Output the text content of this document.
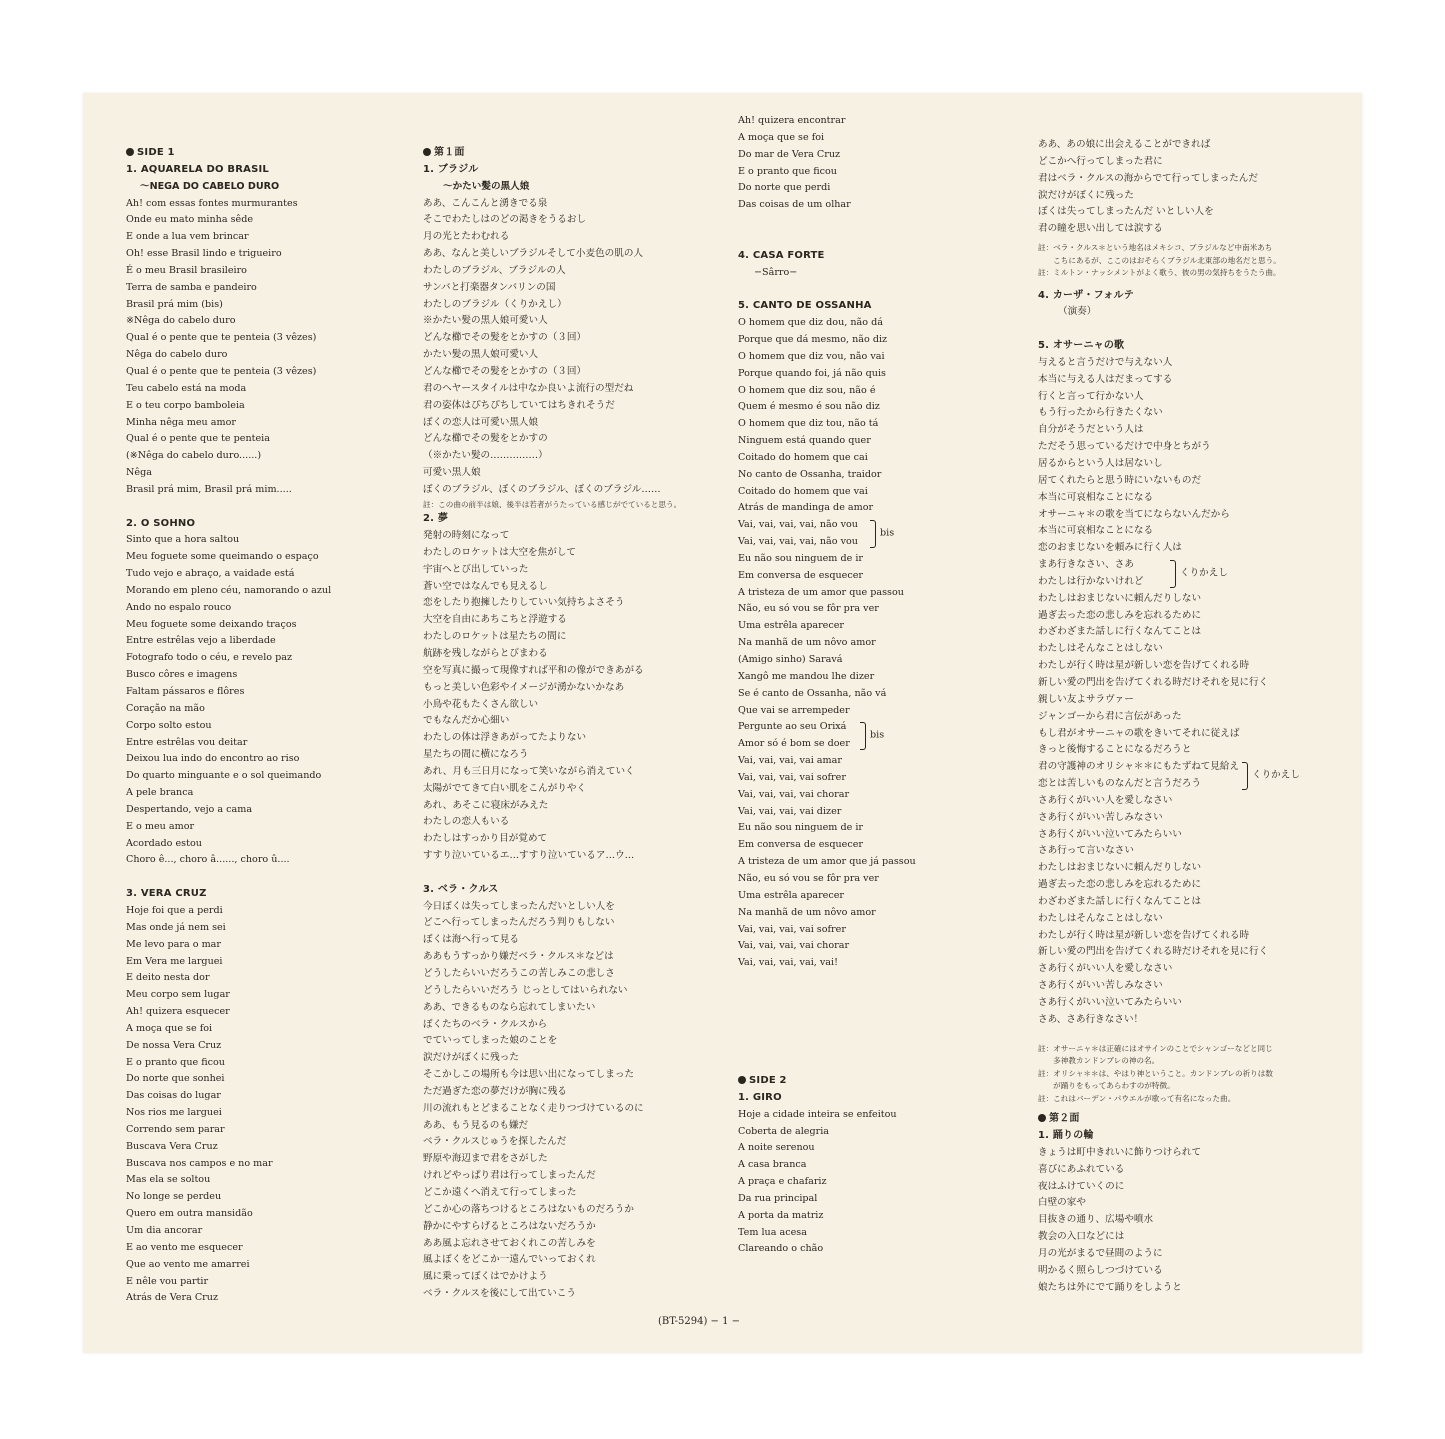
SIDE 1
1. AQUARELA DO BRASIL
〜NEGA DO CABELO DURO
Ah! com essas fontes murmurantes
Onde eu mato minha sêde
E onde a lua vem brincar
Oh! esse Brasil lindo e trigueiro
É o meu Brasil brasileiro
Terra de samba e pandeiro
Brasil prá mim (bis)
※Nêga do cabelo duro
Qual é o pente que te penteia (3 vêzes)
Nêga do cabelo duro
Qual é o pente que te penteia (3 vêzes)
Teu cabelo está na moda
E o teu corpo bamboleia
Minha nêga meu amor
Qual é o pente que te penteia
(※Nêga do cabelo duro......)
Nêga
Brasil prá mim, Brasil prá mim.....
2. O SOHNO
Sinto que a hora saltou
Meu foguete some queimando o espaço
Tudo vejo e abraço, a vaidade está
Morando em pleno céu, namorando o azul
Ando no espalo rouco
Meu foguete some deixando traços
Entre estrêlas vejo a liberdade
Fotografo todo o céu, e revelo paz
Busco côres e imagens
Faltam pássaros e flôres
Coração na mão
Corpo solto estou
Entre estrêlas vou deitar
Deixou lua indo do encontro ao riso
Do quarto minguante e o sol queimando
A pele branca
Despertando, vejo a cama
E o meu amor
Acordado estou
Choro ê..., choro â......, choro û....
3. VERA CRUZ
Hoje foi que a perdi
Mas onde já nem sei
Me levo para o mar
Em Vera me larguei
E deito nesta dor
Meu corpo sem lugar
Ah! quizera esquecer
A moça que se foi
De nossa Vera Cruz
E o pranto que ficou
Do norte que sonhei
Das coisas do lugar
Nos rios me larguei
Correndo sem parar
Buscava Vera Cruz
Buscava nos campos e no mar
Mas ela se soltou
No longe se perdeu
Quero em outra mansidão
Um dia ancorar
E ao vento me esquecer
Que ao vento me amarrei
E nêle vou partir
Atrás de Vera Cruz
第１面
1. ブラジル
〜かたい髪の黒人娘
ああ、こんこんと湧きでる泉
そこでわたしはのどの渇きをうるおし
月の光とたわむれる
ああ、なんと美しいブラジルそして小麦色の肌の人
わたしのブラジル、ブラジルの人
サンバと打楽器タンバリンの国
わたしのブラジル（くりかえし）
※かたい髪の黒人娘可愛い人
どんな櫛でその髪をとかすの（３回）
かたい髪の黒人娘可愛い人
どんな櫛でその髪をとかすの（３回）
君のヘヤースタイルは中なか良いよ流行の型だね
君の姿体はぴちぴちしていてはちきれそうだ
ぼくの恋人は可愛い黒人娘
どんな櫛でその髪をとかすの
（※かたい髪の……………）
可愛い黒人娘
ぼくのブラジル、ぼくのブラジル、ぼくのブラジル……
註：この曲の前半は娘、後半は若者がうたっている感じがでていると思う。
2. 夢
発射の時刻になって
わたしのロケットは大空を焦がして
宇宙へとび出していった
蒼い空ではなんでも見えるし
恋をしたり抱擁したりしていい気持ちよさそう
大空を自由にあちこちと浮遊する
わたしのロケットは星たちの間に
航跡を残しながらとびまわる
空を写真に撮って現像すれば平和の像ができあがる
もっと美しい色彩やイメージが湧かないかなあ
小鳥や花もたくさん欲しい
でもなんだか心細い
わたしの体は浮きあがってたよりない
星たちの間に横になろう
あれ、月も三日月になって笑いながら消えていく
太陽がでてきて白い肌をこんがりやく
あれ、あそこに寝床がみえた
わたしの恋人もいる
わたしはすっかり目が覚めて
すすり泣いているエ…すすり泣いているア…ウ…
3. ベラ・クルス
今日ぼくは失ってしまったんだいとしい人を
どこへ行ってしまったんだろう判りもしない
ぼくは海へ行って見る
ああもうすっかり嫌だベラ・クルス＊などは
どうしたらいいだろうこの苦しみこの悲しさ
どうしたらいいだろう じっとしてはいられない
ああ、できるものなら忘れてしまいたい
ぼくたちのベラ・クルスから
でていってしまった娘のことを
涙だけがぼくに残った
そこかしこの場所も今は思い出になってしまった
ただ過ぎた恋の夢だけが胸に残る
川の流れもとどまることなく走りつづけているのに
ああ、もう見るのも嫌だ
ベラ・クルスじゅうを探したんだ
野原や海辺まで君をさがした
けれどやっぱり君は行ってしまったんだ
どこか遠くへ消えて行ってしまった
どこか心の落ちつけるところはないものだろうか
静かにやすらげるところはないだろうか
ああ風よ忘れさせておくれこの苦しみを
風よぼくをどこか一遠んでいっておくれ
風に乗ってぼくはでかけよう
ベラ・クルスを後にして出ていこう
Ah! quizera encontrar
A moça que se foi
Do mar de Vera Cruz
E o pranto que ficou
Do norte que perdi
Das coisas de um olhar
4. CASA FORTE
−Sârro−
5. CANTO DE OSSANHA
O homem que diz dou, não dá
Porque que dá mesmo, não diz
O homem que diz vou, não vai
Porque quando foi, já não quis
O homem que diz sou, não é
Quem é mesmo é sou não diz
O homem que diz tou, não tá
Ninguem está quando quer
Coitado do homem que cai
No canto de Ossanha, traidor
Coitado do homem que vai
Atrás de mandinga de amor
Vai, vai, vai, vai, não vou
Vai, vai, vai, vai, não vou
bis
Eu não sou ninguem de ir
Em conversa de esquecer
A tristeza de um amor que passou
Não, eu só vou se fôr pra ver
Uma estrêla aparecer
Na manhã de um nôvo amor
(Amigo sinho) Saravá
Xangô me mandou lhe dizer
Se é canto de Ossanha, não vá
Que vai se arrempeder
Pergunte ao seu Orixá
Amor só é bom se doer
bis
Vai, vai, vai, vai amar
Vai, vai, vai, vai sofrer
Vai, vai, vai, vai chorar
Vai, vai, vai, vai dizer
Eu não sou ninguem de ir
Em conversa de esquecer
A tristeza de um amor que já passou
Não, eu só vou se fôr pra ver
Uma estrêla aparecer
Na manhã de um nôvo amor
Vai, vai, vai, vai sofrer
Vai, vai, vai, vai chorar
Vai, vai, vai, vai, vai!
SIDE 2
1. GIRO
Hoje a cidade inteira se enfeitou
Coberta de alegria
A noite serenou
A casa branca
A praça e chafariz
Da rua principal
A porta da matriz
Tem lua acesa
Clareando o chão
ああ、あの娘に出会えることができれば
どこかへ行ってしまった君に
君はベラ・クルスの海からでて行ってしまったんだ
涙だけがぼくに残った
ぼくは失ってしまったんだ いとしい人を
君の瞳を思い出しては涙する
註：ベラ・クルス＊という地名はメキシコ、ブラジルなど中南米あち
　　こちにあるが、ここのはおそらくブラジル北東部の地名だと思う。
註：ミルトン・ナッシメントがよく歌う、彼の男の気持ちをうたう曲。
4. カーザ・フォルテ
（演奏）
5. オサーニャの歌
与えると言うだけで与えない人
本当に与える人はだまってする
行くと言って行かない人
もう行ったから行きたくない
自分がそうだという人は
ただそう思っているだけで中身とちがう
居るからという人は居ないし
居てくれたらと思う時にいないものだ
本当に可哀相なことになる
オサーニャ＊の歌を当てにならないんだから
本当に可哀相なことになる
恋のおまじないを頼みに行く人は
まあ行きなさい、さあ
わたしは行かないけれど
くりかえし
わたしはおまじないに頼んだりしない
過ぎ去った恋の悲しみを忘れるために
わざわざまた話しに行くなんてことは
わたしはそんなことはしない
わたしが行く時は星が新しい恋を告げてくれる時
新しい愛の門出を告げてくれる時だけそれを見に行く
親しい友よサラヴァー
ジャンゴーから君に言伝があった
もし君がオサーニャの歌をきいてそれに従えば
きっと後悔することになるだろうと
君の守護神のオリシャ＊＊にもたずねて見給え
恋とは苦しいものなんだと言うだろう
くりかえし
さあ行くがいい人を愛しなさい
さあ行くがいい苦しみなさい
さあ行くがいい泣いてみたらいい
さあ行って言いなさい
わたしはおまじないに頼んだりしない
過ぎ去った恋の悲しみを忘れるために
わざわざまた話しに行くなんてことは
わたしはそんなことはしない
わたしが行く時は星が新しい恋を告げてくれる時
新しい愛の門出を告げてくれる時だけそれを見に行く
さあ行くがいい人を愛しなさい
さあ行くがいい苦しみなさい
さあ行くがいい泣いてみたらいい
さあ、さあ行きなさい！
註：オサーニャ＊は正確にはオサインのことでシャンゴーなどと同じ
　　多神教カンドンブレの神の名。
註：オリシャ＊＊は、やはり神ということ。カンドンブレの祈りは数
　　が踊りをもってあらわすのが特徴。
註：これはバーデン・パウエルが歌って有名になった曲。
第２面
1. 踊りの輪
きょうは町中きれいに飾りつけられて
喜びにあふれている
夜はふけていくのに
白壁の家や
目抜きの通り、広場や噴水
教会の入口などには
月の光がまるで昼間のように
明かるく照らしつづけている
娘たちは外にでて踊りをしようと
(BT-5294) − 1 −
